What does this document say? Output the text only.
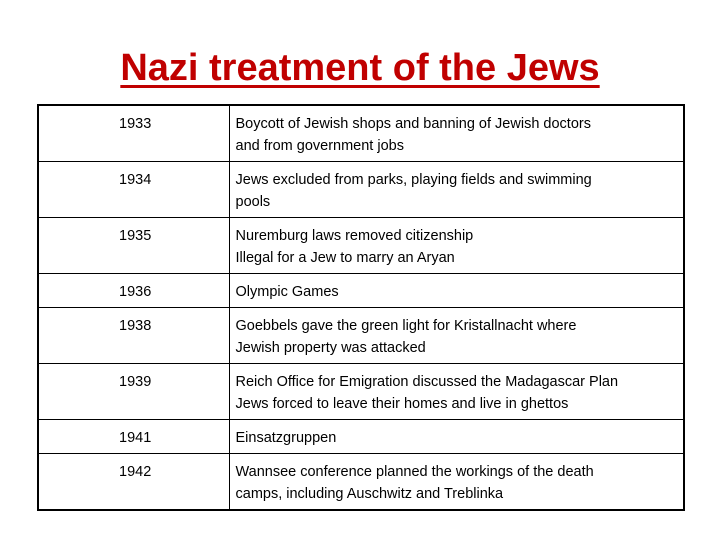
Nazi treatment of the Jews
1933	Boycott of Jewish shops and banning of Jewish doctors
and from government jobs
1934	Jews excluded from parks, playing fields and swimming
pools
1935	Nuremburg laws removed citizenship
Illegal for a Jew to marry an Aryan
1936	Olympic Games
1938	Goebbels gave the green light for Kristallnacht where
Jewish property was attacked
1939	Reich Office for Emigration discussed the Madagascar Plan
Jews forced to leave their homes and live in ghettos
1941	Einsatzgruppen
1942	Wannsee conference planned the workings of the death
camps, including Auschwitz and Treblinka
